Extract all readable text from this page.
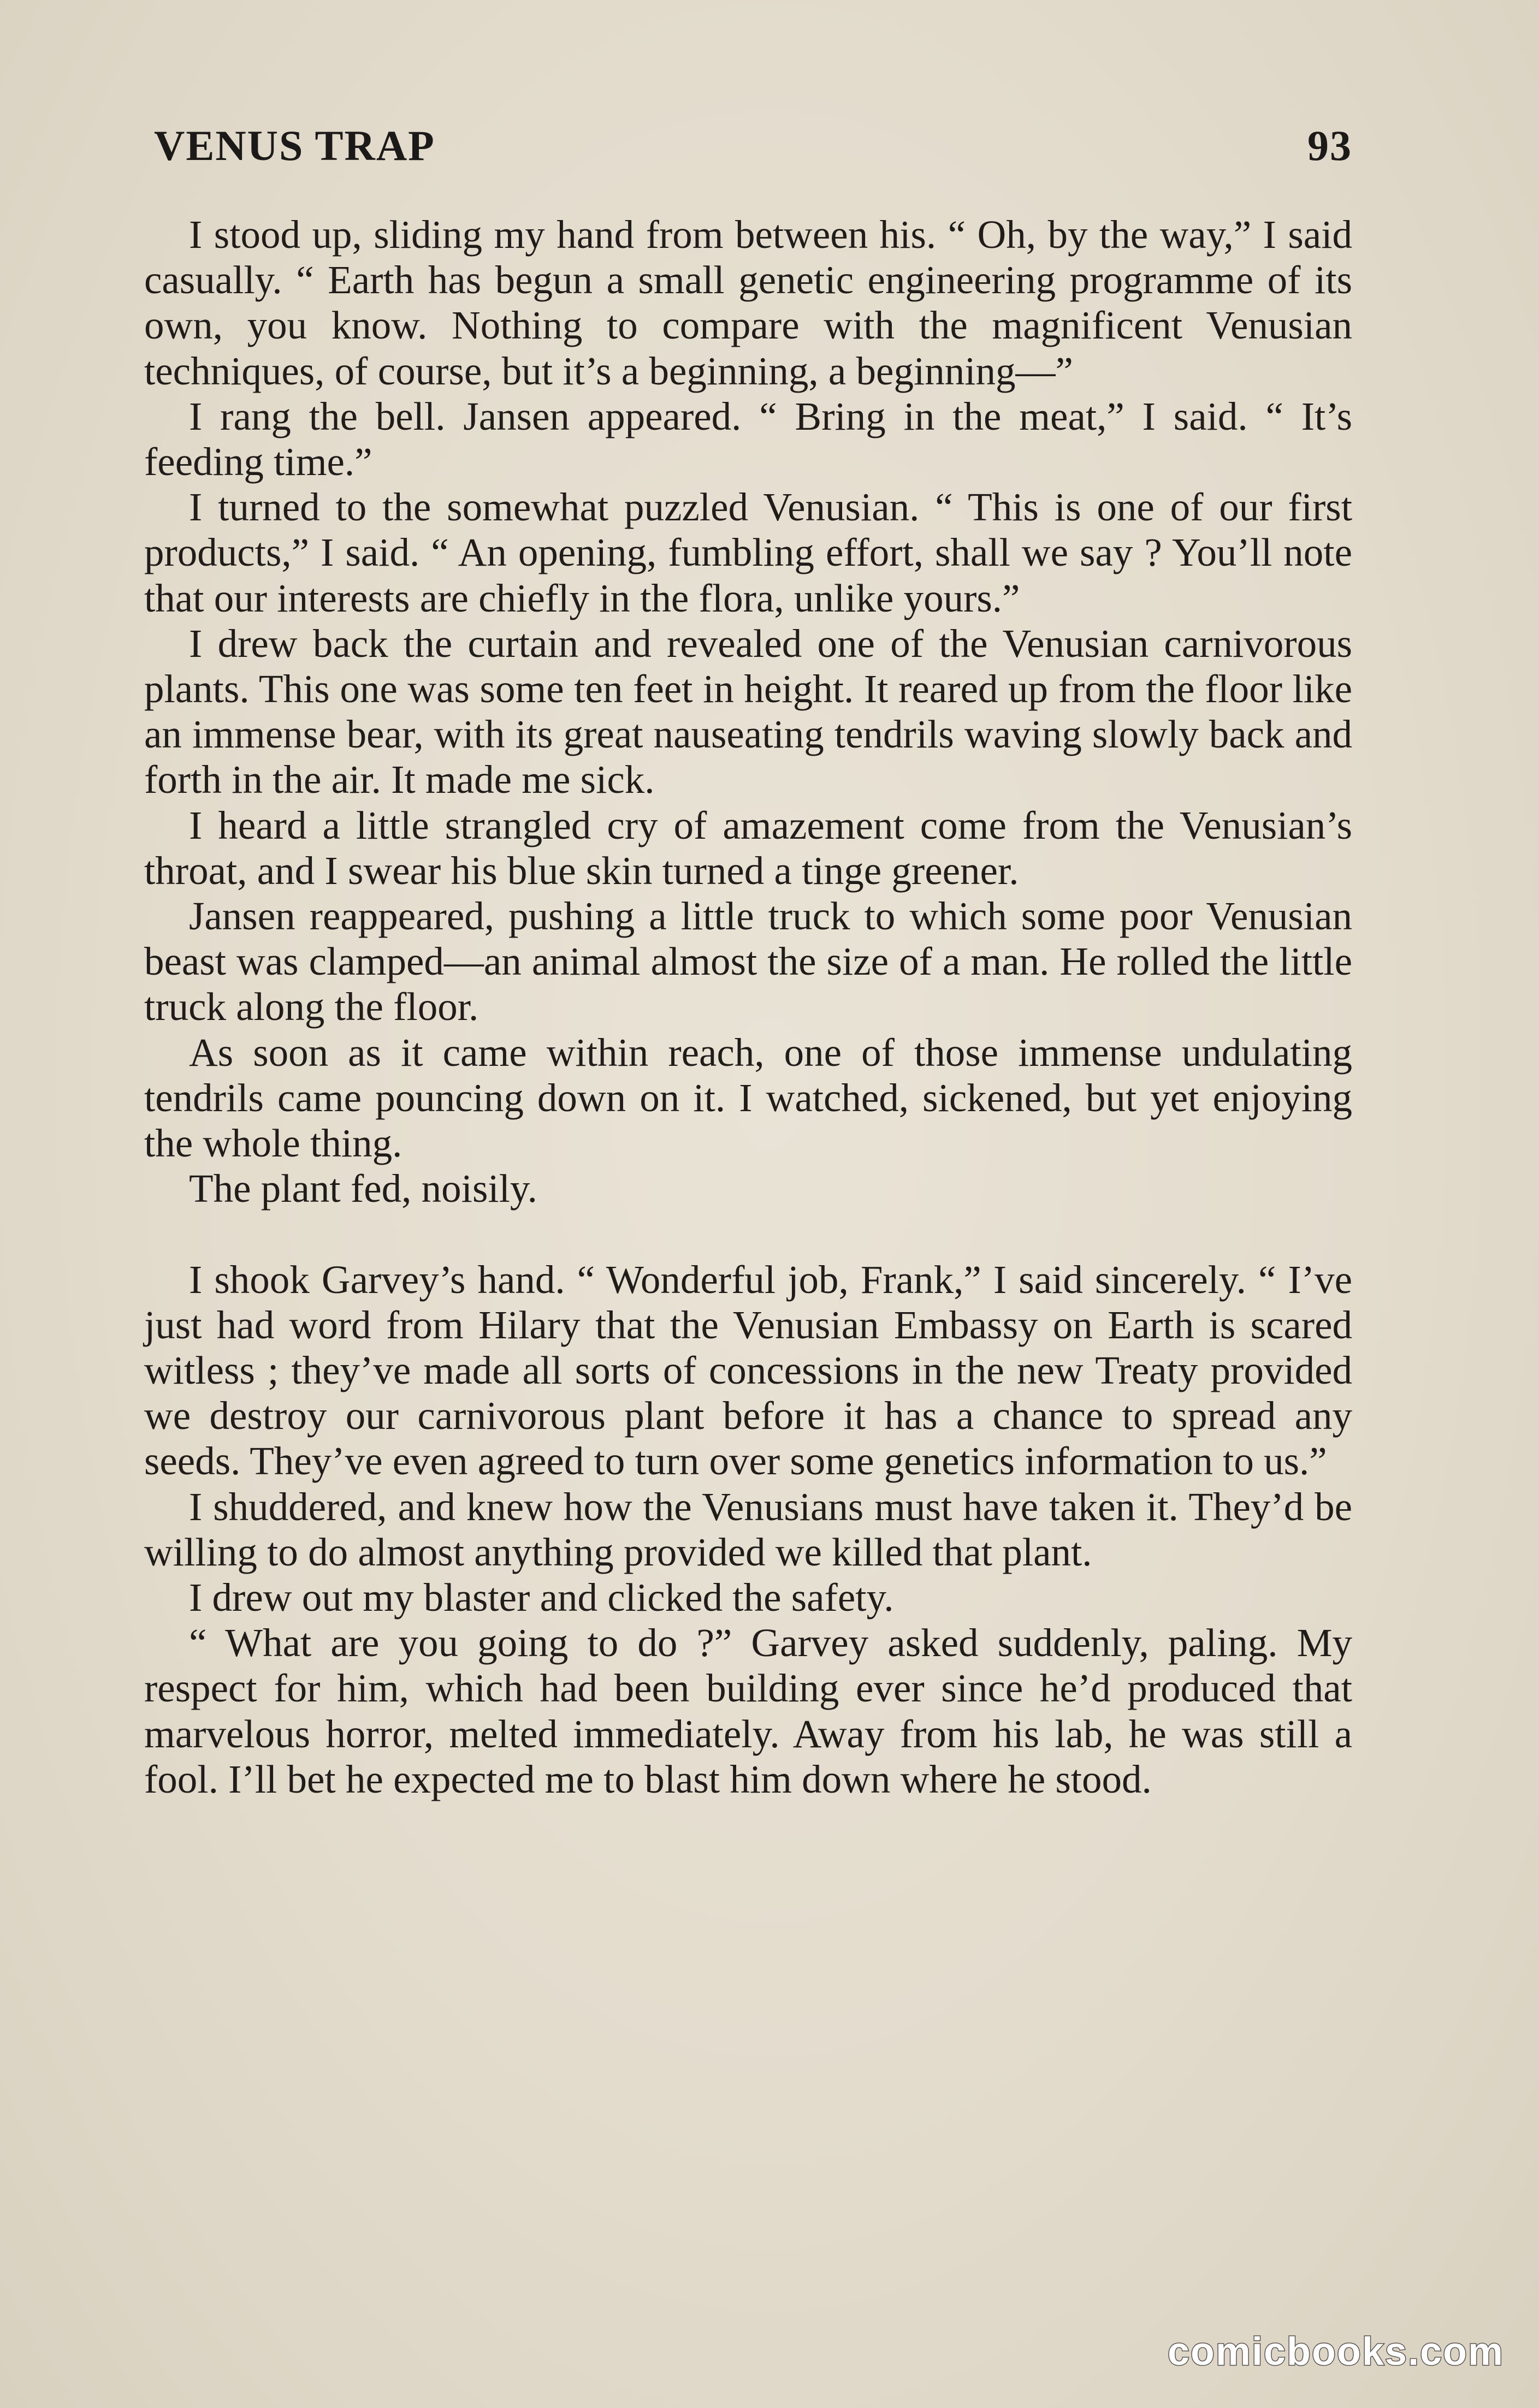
VENUS TRAP	93

I stood up, sliding my hand from between his. “ Oh, by the way,” I said casually. “ Earth has begun a small genetic engineering programme of its own, you know. Nothing to compare with the magnificent Venusian techniques, of course, but it’s a beginning, a beginning—”

I rang the bell. Jansen appeared. “ Bring in the meat,” I said. “ It’s feeding time.”

I turned to the somewhat puzzled Venusian. “ This is one of our first products,” I said. “ An opening, fumbling effort, shall we say ? You’ll note that our interests are chiefly in the flora, unlike yours.”

I drew back the curtain and revealed one of the Venusian carnivorous plants. This one was some ten feet in height. It reared up from the floor like an immense bear, with its great nauseating tendrils waving slowly back and forth in the air. It made me sick.

I heard a little strangled cry of amazement come from the Venusian’s throat, and I swear his blue skin turned a tinge greener.

Jansen reappeared, pushing a little truck to which some poor Venusian beast was clamped—an animal almost the size of a man. He rolled the little truck along the floor.

As soon as it came within reach, one of those immense undulating tendrils came pouncing down on it. I watched, sickened, but yet enjoying the whole thing.

The plant fed, noisily.

I shook Garvey’s hand. “ Wonderful job, Frank,” I said sincerely. “ I’ve just had word from Hilary that the Venusian Embassy on Earth is scared witless ; they’ve made all sorts of concessions in the new Treaty provided we destroy our carnivorous plant before it has a chance to spread any seeds. They’ve even agreed to turn over some genetics information to us.”

I shuddered, and knew how the Venusians must have taken it. They’d be willing to do almost anything provided we killed that plant.

I drew out my blaster and clicked the safety.

“ What are you going to do ?” Garvey asked suddenly, paling. My respect for him, which had been building ever since he’d produced that marvelous horror, melted immediately. Away from his lab, he was still a fool. I’ll bet he expected me to blast him down where he stood.

comicbooks.com
